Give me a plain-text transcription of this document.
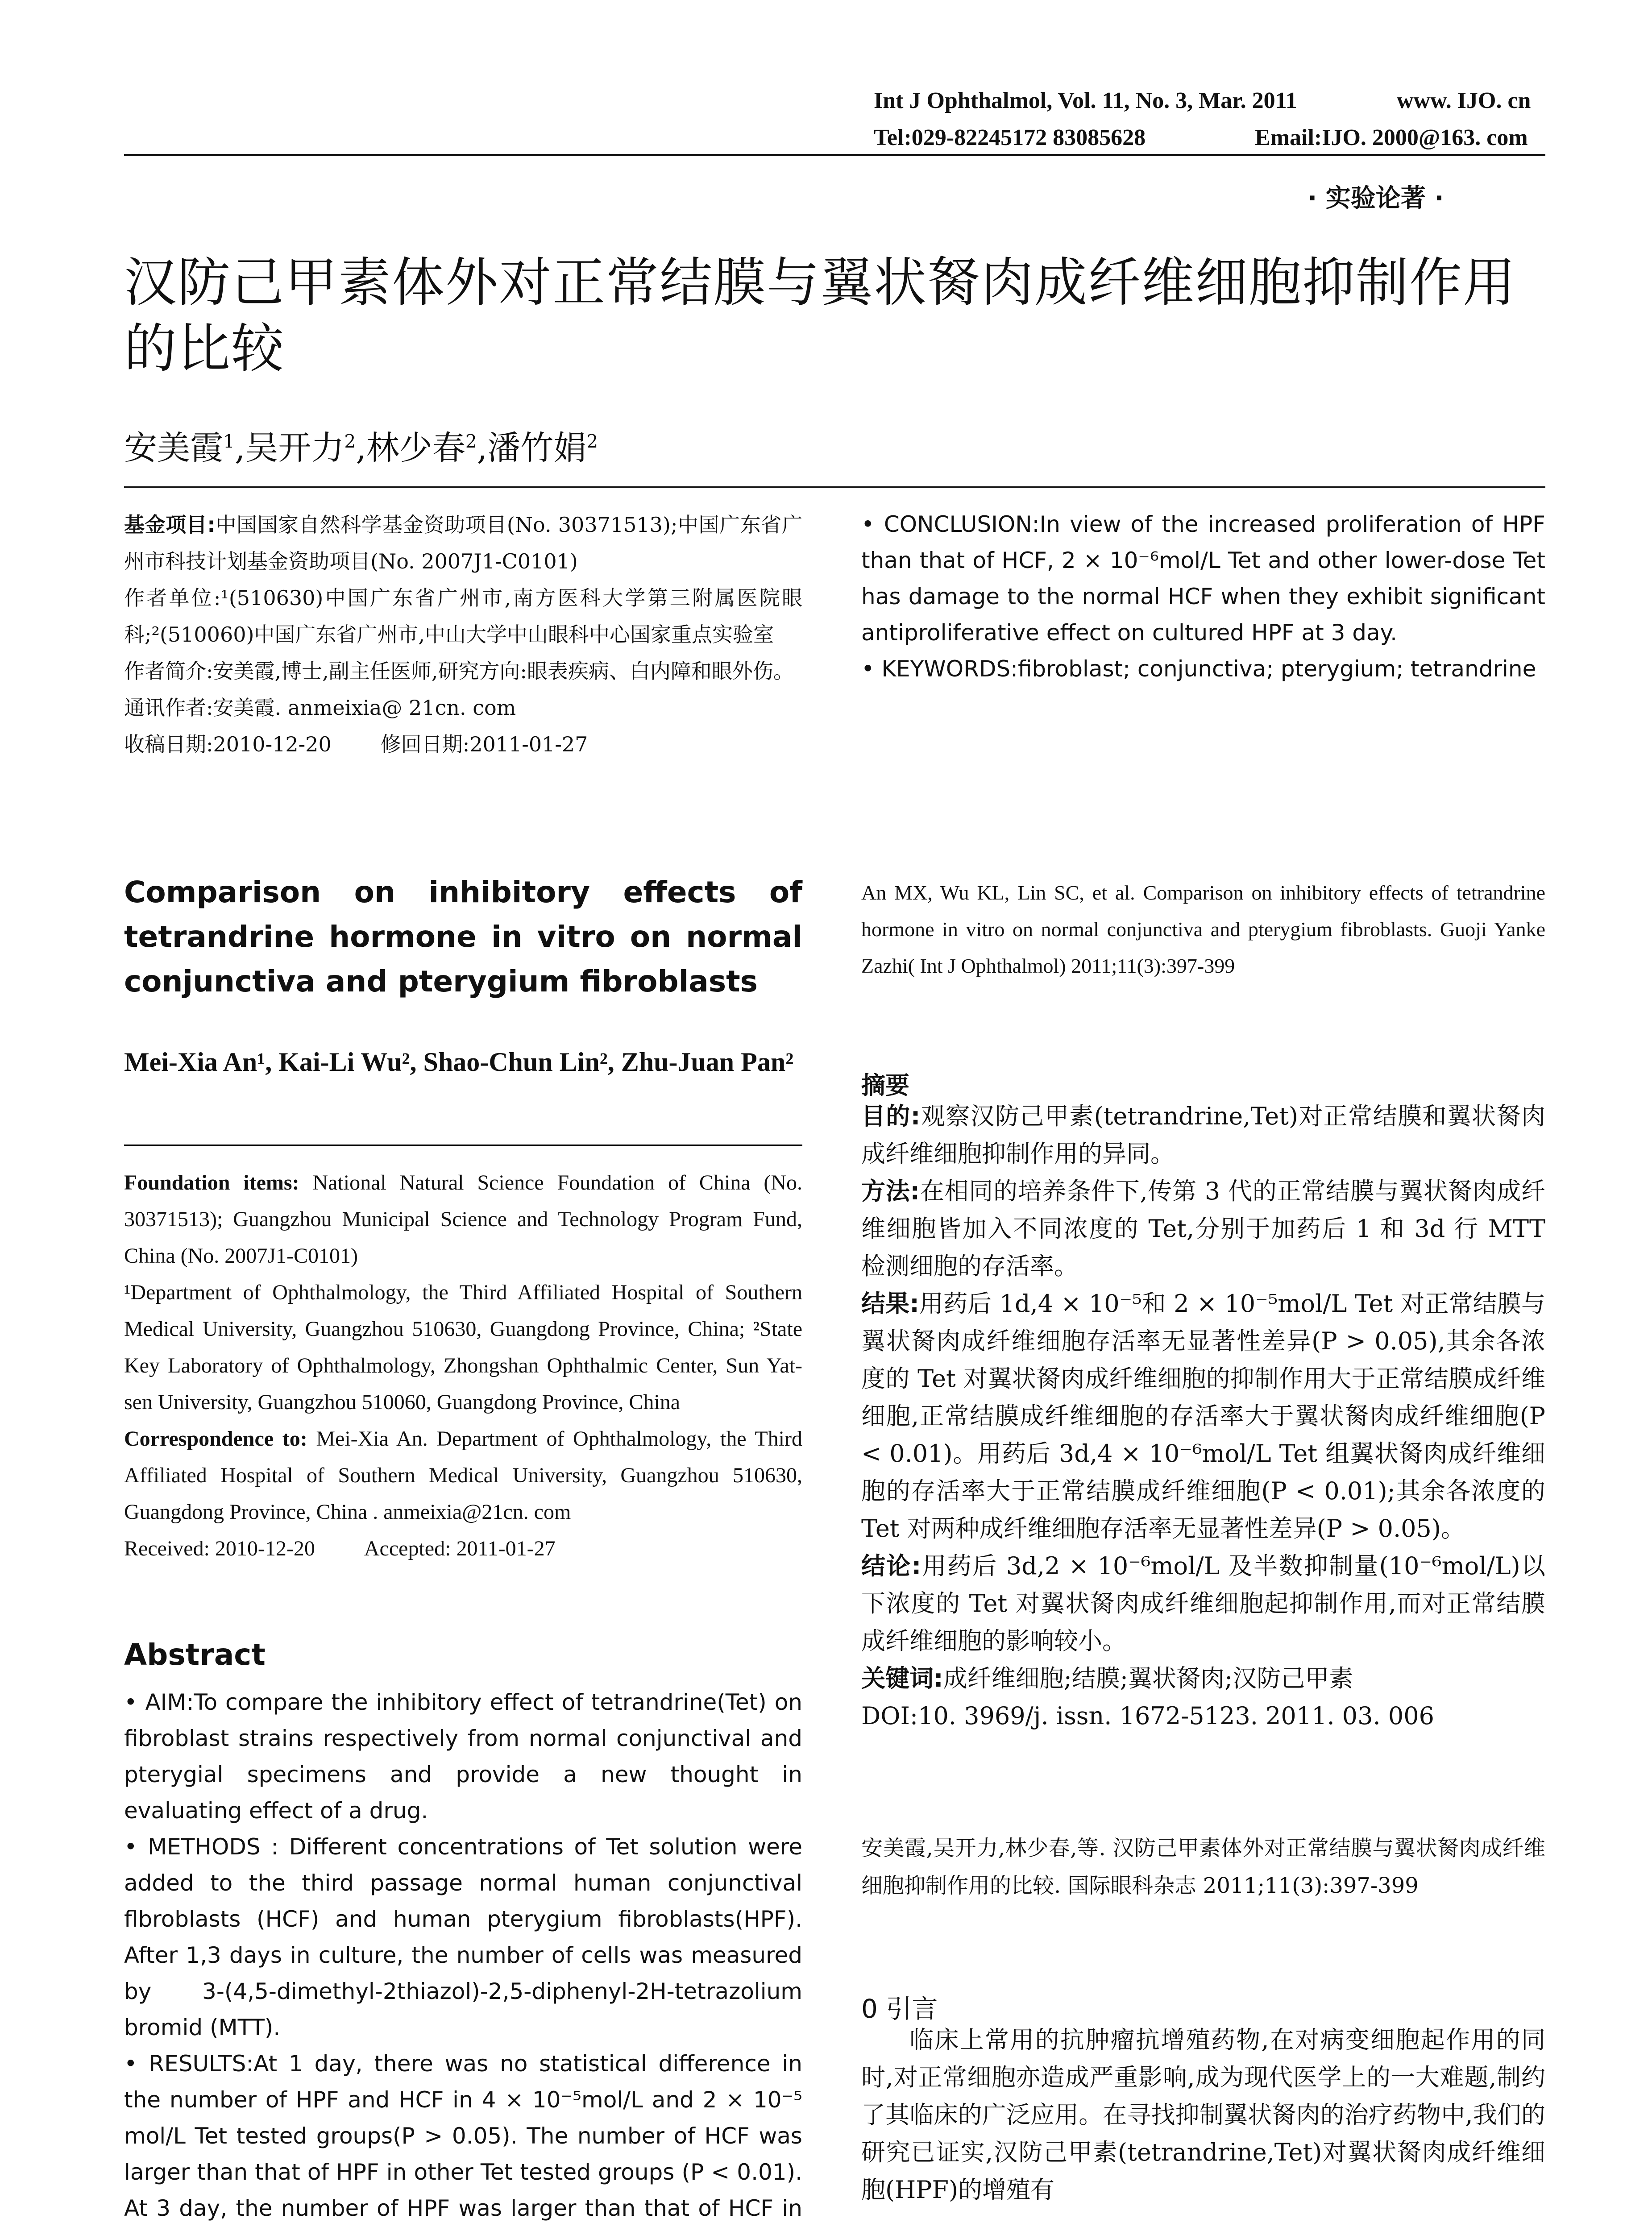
Int J Ophthalmol, Vol. 11, No. 3, Mar. 2011	www. IJO. cn
Tel:029-82245172 83085628	Email:IJO. 2000@163. com
· 实验论著 ·
汉防己甲素体外对正常结膜与翼状胬肉成纤维细胞抑制作用的比较
安美霞$^1$,吴开力$^2$,林少春$^2$,潘竹娟$^2$

基金项目:中国国家自然科学基金资助项目(No. 30371513);中国广东省广州市科技计划基金资助项目(No. 2007J1-C0101)

作者单位:¹(510630)中国广东省广州市,南方医科大学第三附属医院眼科;²(510060)中国广东省广州市,中山大学中山眼科中心国家重点实验室

作者简介:安美霞,博士,副主任医师,研究方向:眼表疾病、白内障和眼外伤。

通讯作者:安美霞. anmeixia@ 21cn. com

收稿日期:2010-12-20 修回日期:2011-01-27

Comparison on inhibitory effects of tetrandrine hormone in vitro on normal conjunctiva and pterygium fibroblasts
Mei-Xia An¹, Kai-Li Wu², Shao-Chun Lin², Zhu-Juan Pan²

Foundation items: National Natural Science Foundation of China (No. 30371513); Guangzhou Municipal Science and Technology Program Fund, China (No. 2007J1-C0101)

¹Department of Ophthalmology, the Third Affiliated Hospital of Southern Medical University, Guangzhou 510630, Guangdong Province, China; ²State Key Laboratory of Ophthalmology, Zhongshan Ophthalmic Center, Sun Yat-sen University, Guangzhou 510060, Guangdong Province, China

Correspondence to: Mei-Xia An. Department of Ophthalmology, the Third Affiliated Hospital of Southern Medical University, Guangzhou 510630, Guangdong Province, China . anmeixia@21cn. com

Received: 2010-12-20 Accepted: 2011-01-27

Abstract

• AIM:To compare the inhibitory effect of tetrandrine(Tet) on fibroblast strains respectively from normal conjunctival and pterygial specimens and provide a new thought in evaluating effect of a drug.

• METHODS : Different concentrations of Tet solution were added to the third passage normal human conjunctival flbroblasts (HCF) and human pterygium fibroblasts(HPF). After 1,3 days in culture, the number of cells was measured by 3-(4,5-dimethyl-2thiazol)-2,5-diphenyl-2H-tetrazolium bromid (MTT).

• RESULTS:At 1 day, there was no statistical difference in the number of HPF and HCF in 4 × 10⁻⁵mol/L and 2 × 10⁻⁵ mol/L Tet tested groups(P > 0.05). The number of HCF was larger than that of HPF in other Tet tested groups (P < 0.01). At 3 day, the number of HPF was larger than that of HCF in

• CONCLUSION:In view of the increased proliferation of HPF than that of HCF, 2 × 10⁻⁶mol/L Tet and other lower-dose Tet has damage to the normal HCF when they exhibit significant antiproliferative effect on cultured HPF at 3 day.

• KEYWORDS:fibroblast; conjunctiva; pterygium; tetrandrine

An MX, Wu KL, Lin SC, et al. Comparison on inhibitory effects of tetrandrine hormone in vitro on normal conjunctiva and pterygium fibroblasts. Guoji Yanke Zazhi( Int J Ophthalmol) 2011;11(3):397-399
摘要

目的:观察汉防己甲素(tetrandrine,Tet)对正常结膜和翼状胬肉成纤维细胞抑制作用的异同。

方法:在相同的培养条件下,传第 3 代的正常结膜与翼状胬肉成纤维细胞皆加入不同浓度的 Tet,分别于加药后 1 和 3d 行 MTT 检测细胞的存活率。

结果:用药后 1d,4 × 10⁻⁵和 2 × 10⁻⁵mol/L Tet 对正常结膜与翼状胬肉成纤维细胞存活率无显著性差异(P > 0.05),其余各浓度的 Tet 对翼状胬肉成纤维细胞的抑制作用大于正常结膜成纤维细胞,正常结膜成纤维细胞的存活率大于翼状胬肉成纤维细胞(P < 0.01)。用药后 3d,4 × 10⁻⁶mol/L Tet 组翼状胬肉成纤维细胞的存活率大于正常结膜成纤维细胞(P < 0.01);其余各浓度的 Tet 对两种成纤维细胞存活率无显著性差异(P > 0.05)。

结论:用药后 3d,2 × 10⁻⁶mol/L 及半数抑制量(10⁻⁶mol/L)以下浓度的 Tet 对翼状胬肉成纤维细胞起抑制作用,而对正常结膜成纤维细胞的影响较小。

关键词:成纤维细胞;结膜;翼状胬肉;汉防己甲素

DOI:10. 3969/j. issn. 1672-5123. 2011. 03. 006

安美霞,吴开力,林少春,等. 汉防己甲素体外对正常结膜与翼状胬肉成纤维细胞抑制作用的比较. 国际眼科杂志 2011;11(3):397-399

0 引言

临床上常用的抗肿瘤抗增殖药物,在对病变细胞起作用的同时,对正常细胞亦造成严重影响,成为现代医学上的一大难题,制约了其临床的广泛应用。在寻找抑制翼状胬肉的治疗药物中,我们的研究已证实,汉防己甲素(tetrandrine,Tet)对翼状胬肉成纤维细胞(HPF)的增殖有
